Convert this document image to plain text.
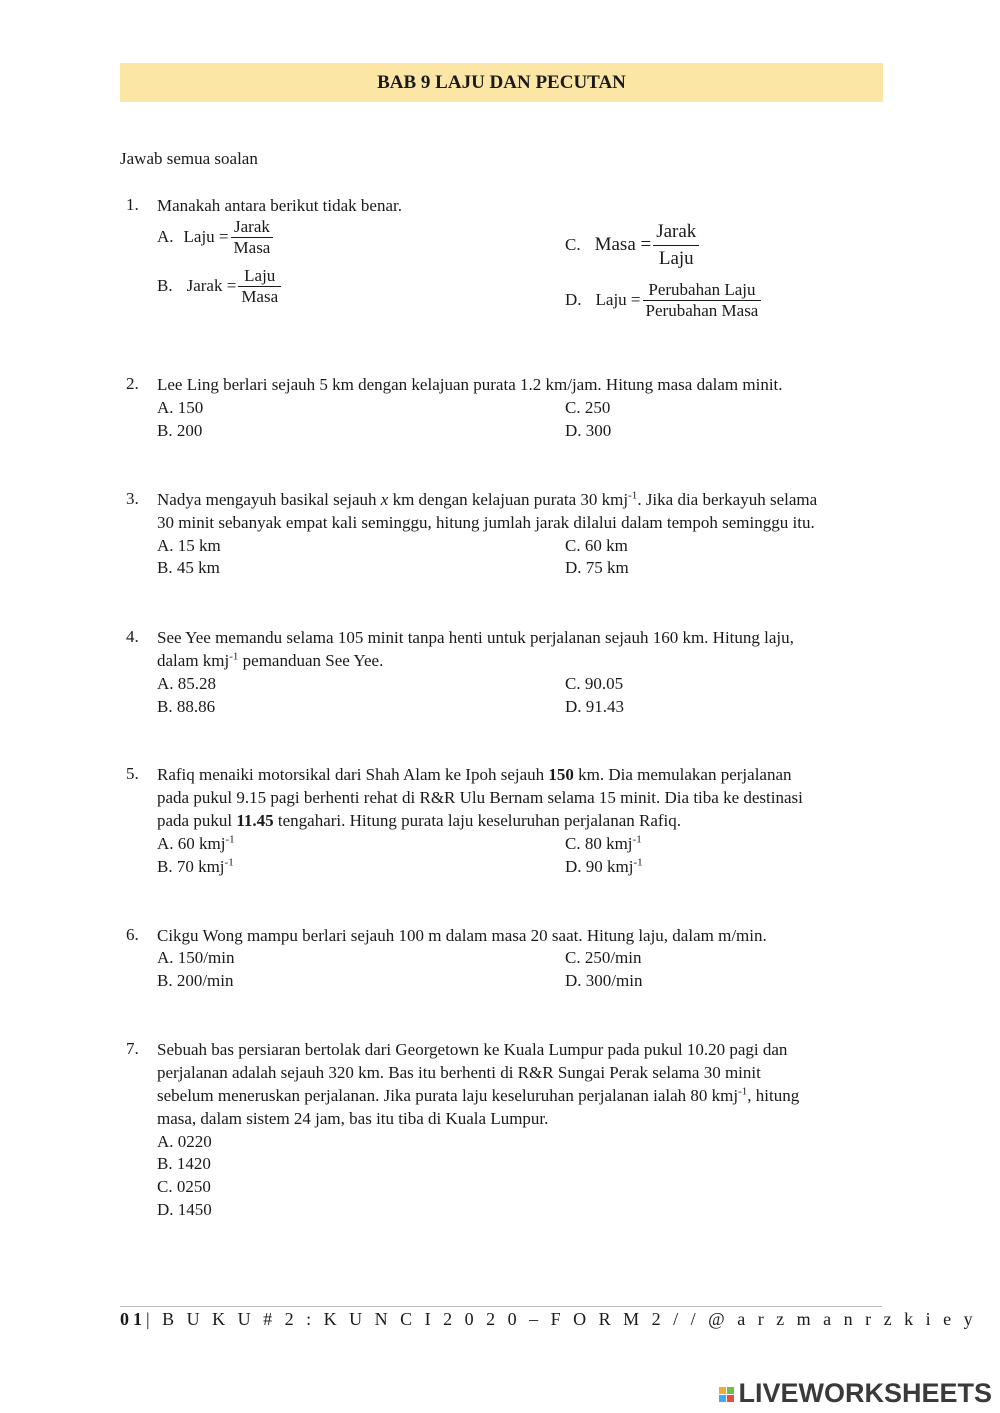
BAB 9 LAJU DAN PECUTAN
Jawab semua soalan
1. Manakah antara berikut tidak benar.
A. Laju = $\frac{\text{Jarak}}{\text{Masa}}$
B. Jarak = $\frac{\text{Laju}}{\text{Masa}}$
C. Masa = $\frac{\text{Jarak}}{\text{Laju}}$
D. Laju = $\frac{\text{Perubahan Laju}}{\text{Perubahan Masa}}$
2. Lee Ling berlari sejauh 5 km dengan kelajuan purata 1.2 km/jam. Hitung masa dalam minit.
A. 150
B. 200
C. 250
D. 300
3. Nadya mengayuh basikal sejauh x km dengan kelajuan purata 30 kmj$^{-1}$. Jika dia berkayuh selama
30 minit sebanyak empat kali seminggu, hitung jumlah jarak dilalui dalam tempoh seminggu itu.
A. 15 km
B. 45 km
C. 60 km
D. 75 km
4. See Yee memandu selama 105 minit tanpa henti untuk perjalanan sejauh 160 km. Hitung laju,
dalam kmj$^{-1}$ pemanduan See Yee.
A. 85.28
B. 88.86
C. 90.05
D. 91.43
5. Rafiq menaiki motorsikal dari Shah Alam ke Ipoh sejauh 150 km. Dia memulakan perjalanan
pada pukul 9.15 pagi berhenti rehat di R&R Ulu Bernam selama 15 minit. Dia tiba ke destinasi
pada pukul 11.45 tengahari. Hitung purata laju keseluruhan perjalanan Rafiq.
A. 60 kmj$^{-1}$
B. 70 kmj$^{-1}$
C. 80 kmj$^{-1}$
D. 90 kmj$^{-1}$
6. Cikgu Wong mampu berlari sejauh 100 m dalam masa 20 saat. Hitung laju, dalam m/min.
A. 150/min
B. 200/min
C. 250/min
D. 300/min
7. Sebuah bas persiaran bertolak dari Georgetown ke Kuala Lumpur pada pukul 10.20 pagi dan
perjalanan adalah sejauh 320 km. Bas itu berhenti di R&R Sungai Perak selama 30 minit
sebelum meneruskan perjalanan. Jika purata laju keseluruhan perjalanan ialah 80 kmj$^{-1}$, hitung
masa, dalam sistem 24 jam, bas itu tiba di Kuala Lumpur.
A. 0220
B. 1420
C. 0250
D. 1450
01| B U K U # 2 : K U N C I 2 0 2 0 – F O R M 2 / / @ a r z m a n r z k i e y
LIVEWORKSHEETS
